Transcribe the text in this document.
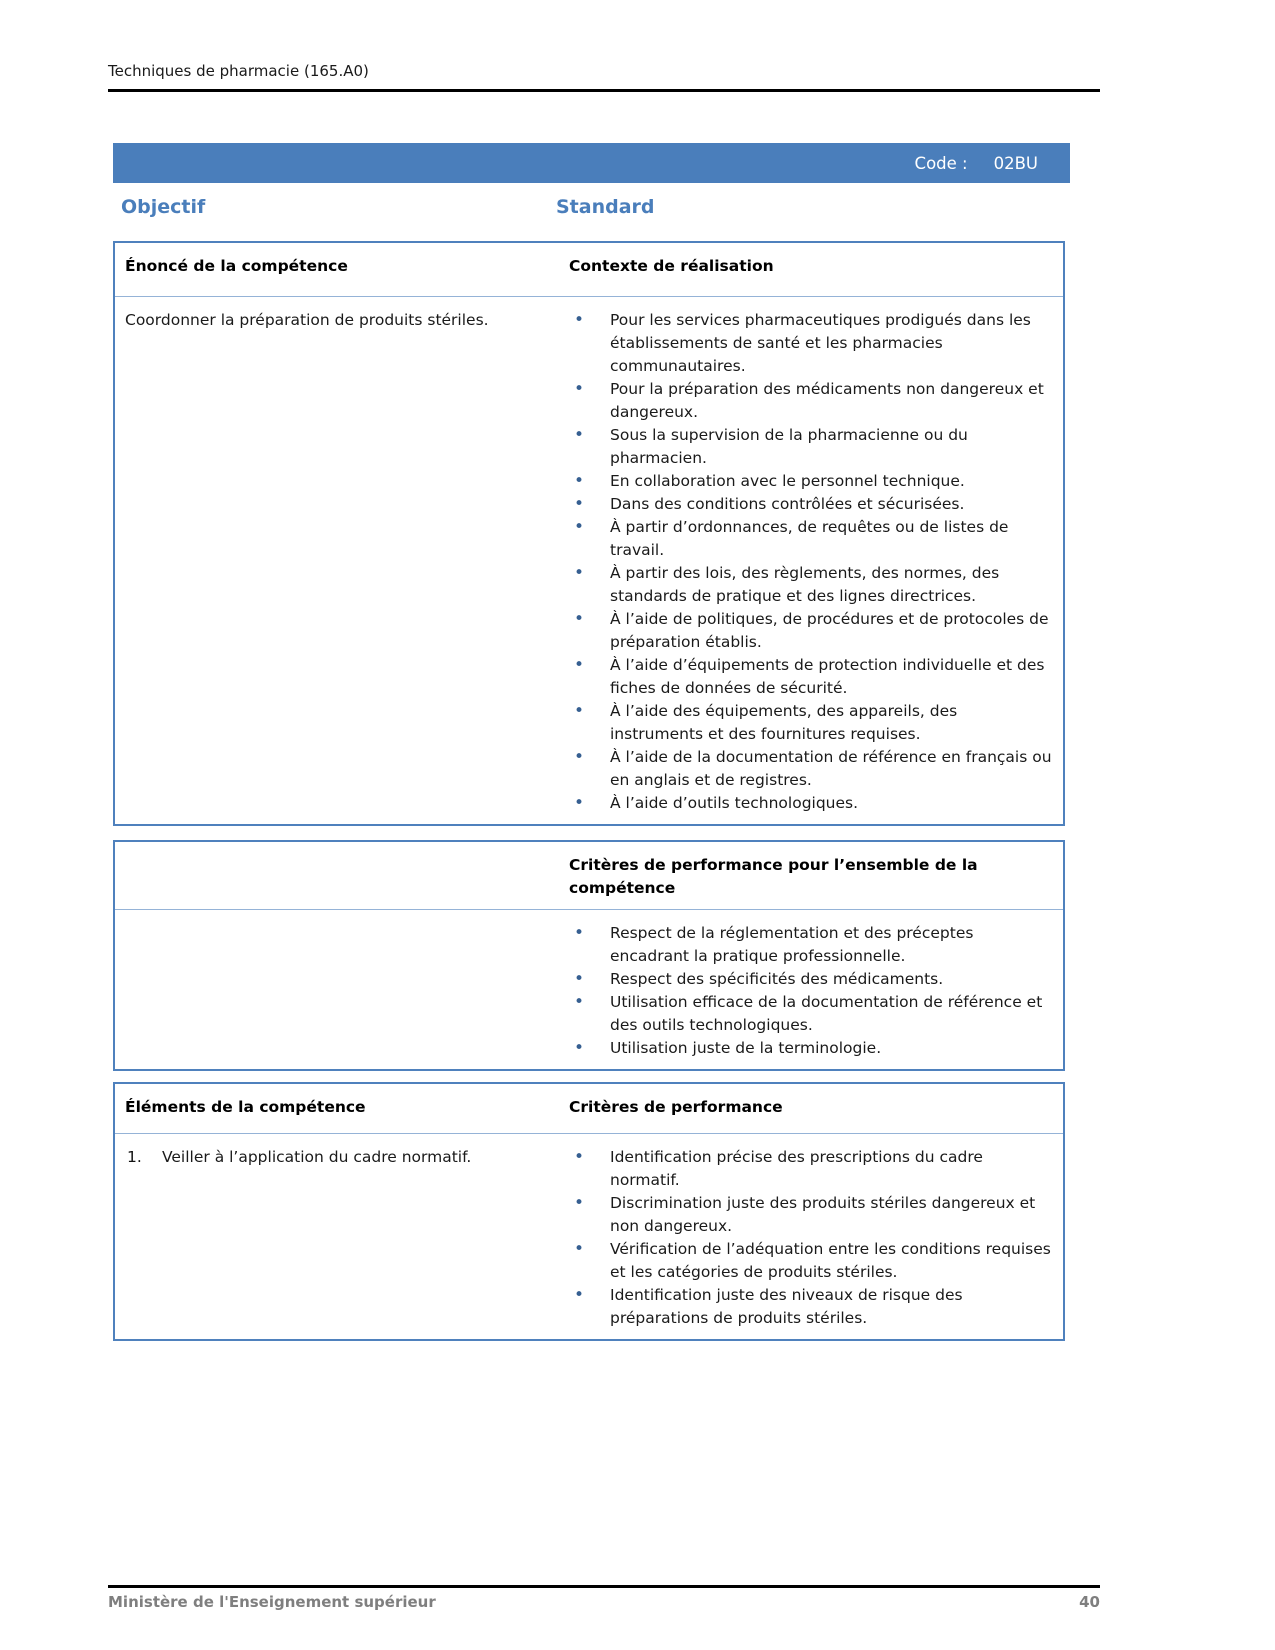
Techniques de pharmacie (165.A0)
Code : 02BU
Objectif	Standard
Énoncé de la compétence	Contexte de réalisation

Coordonner la préparation de produits stériles.	• Pour les services pharmaceutiques prodigués dans les établissements de santé et les pharmacies communautaires.
• Pour la préparation des médicaments non dangereux et dangereux.
• Sous la supervision de la pharmacienne ou du pharmacien.
• En collaboration avec le personnel technique.
• Dans des conditions contrôlées et sécurisées.
• À partir d’ordonnances, de requêtes ou de listes de travail.
• À partir des lois, des règlements, des normes, des standards de pratique et des lignes directrices.
• À l’aide de politiques, de procédures et de protocoles de préparation établis.
• À l’aide d’équipements de protection individuelle et des fiches de données de sécurité.
• À l’aide des équipements, des appareils, des instruments et des fournitures requises.
• À l’aide de la documentation de référence en français ou en anglais et de registres.
• À l’aide d’outils technologiques.
Critères de performance pour l’ensemble de la compétence
• Respect de la réglementation et des préceptes encadrant la pratique professionnelle.
• Respect des spécificités des médicaments.
• Utilisation efficace de la documentation de référence et des outils technologiques.
• Utilisation juste de la terminologie.
Éléments de la compétence	Critères de performance
1.	Veiller à l’application du cadre normatif.	• Identification précise des prescriptions du cadre normatif.
• Discrimination juste des produits stériles dangereux et non dangereux.
• Vérification de l’adéquation entre les conditions requises et les catégories de produits stériles.
• Identification juste des niveaux de risque des préparations de produits stériles.
Ministère de l'Enseignement supérieur	40
